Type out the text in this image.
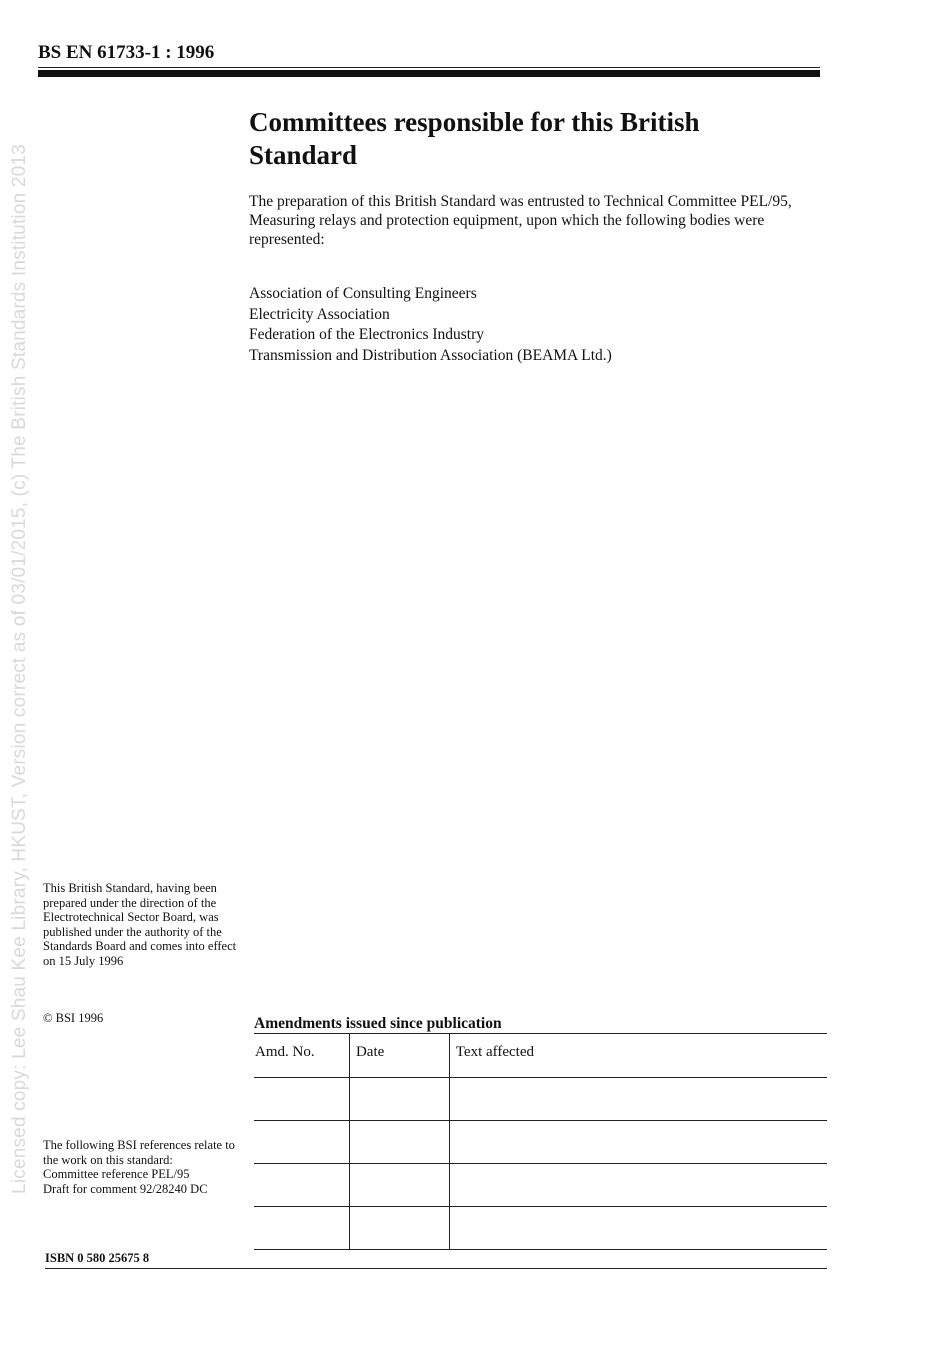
Licensed copy: Lee Shau Kee Library, HKUST, Version correct as of 03/01/2015, (c) The British Standards Institution 2013
BS EN 61733-1 : 1996
Committees responsible for this British Standard

The preparation of this British Standard was entrusted to Technical Committee PEL/95, Measuring relays and protection equipment, upon which the following bodies were represented:

Association of Consulting Engineers
Electricity Association
Federation of the Electronics Industry
Transmission and Distribution Association (BEAMA Ltd.)

This British Standard, having been prepared under the direction of the Electrotechnical Sector Board, was published under the authority of the Standards Board and comes into effect on 15 July 1996

© BSI 1996

The following BSI references relate to the work on this standard:
Committee reference PEL/95
Draft for comment 92/28240 DC
Amendments issued since publication
Amd. No.	Date	Text affected

ISBN 0 580 25675 8
